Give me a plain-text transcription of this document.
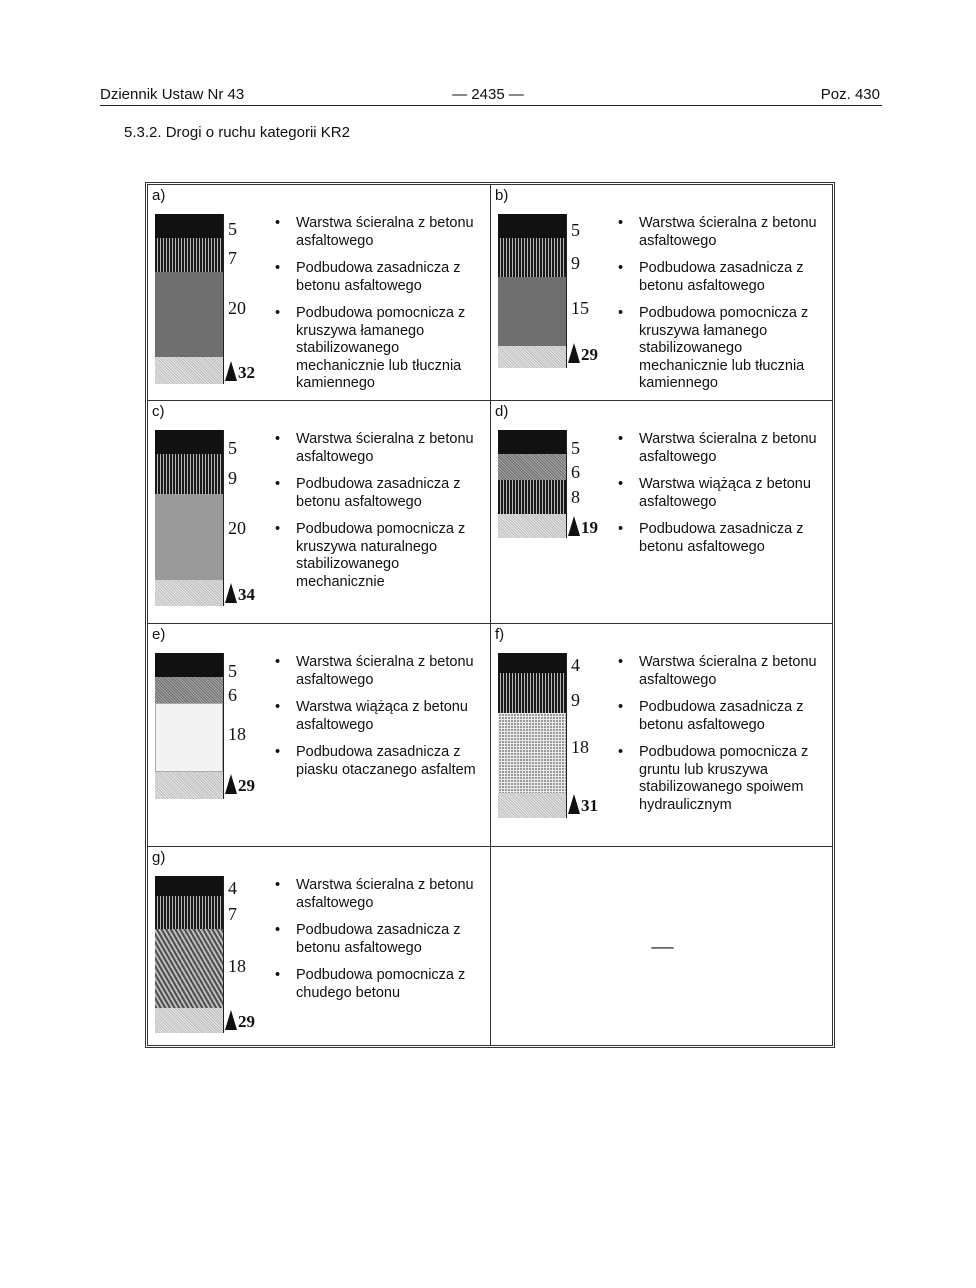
Dziennik Ustaw Nr 43	— 2435 —	Poz. 430
5.3.2. Drogi o ruchu kategorii KR2
a)
5
7
20
32
• Warstwa ścieralna z betonu asfaltowego
• Podbudowa zasadnicza z betonu asfaltowego
• Podbudowa pomocnicza z kruszywa łamanego stabilizowanego mechanicznie lub tłucznia kamiennego
b)
5
9
15
29
• Warstwa ścieralna z betonu asfaltowego
• Podbudowa zasadnicza z betonu asfaltowego
• Podbudowa pomocnicza z kruszywa łamanego stabilizowanego mechanicznie lub tłucznia kamiennego
c)
5
9
20
34
• Warstwa ścieralna z betonu asfaltowego
• Podbudowa zasadnicza z betonu asfaltowego
• Podbudowa pomocnicza z kruszywa naturalnego stabilizowanego mechanicznie
d)
5
6
8
19
• Warstwa ścieralna z betonu asfaltowego
• Warstwa wiążąca z betonu asfaltowego
• Podbudowa zasadnicza z betonu asfaltowego
e)
5
6
18
29
• Warstwa ścieralna z betonu asfaltowego
• Warstwa wiążąca z betonu asfaltowego
• Podbudowa zasadnicza z piasku otaczanego asfaltem
f)
4
9
18
31
• Warstwa ścieralna z betonu asfaltowego
• Podbudowa zasadnicza z betonu asfaltowego
• Podbudowa pomocnicza z gruntu lub kruszywa stabilizowanego spoiwem hydraulicznym
g)
4
7
18
29
• Warstwa ścieralna z betonu asfaltowego
• Podbudowa zasadnicza z betonu asfaltowego
• Podbudowa pomocnicza z chudego betonu
—
